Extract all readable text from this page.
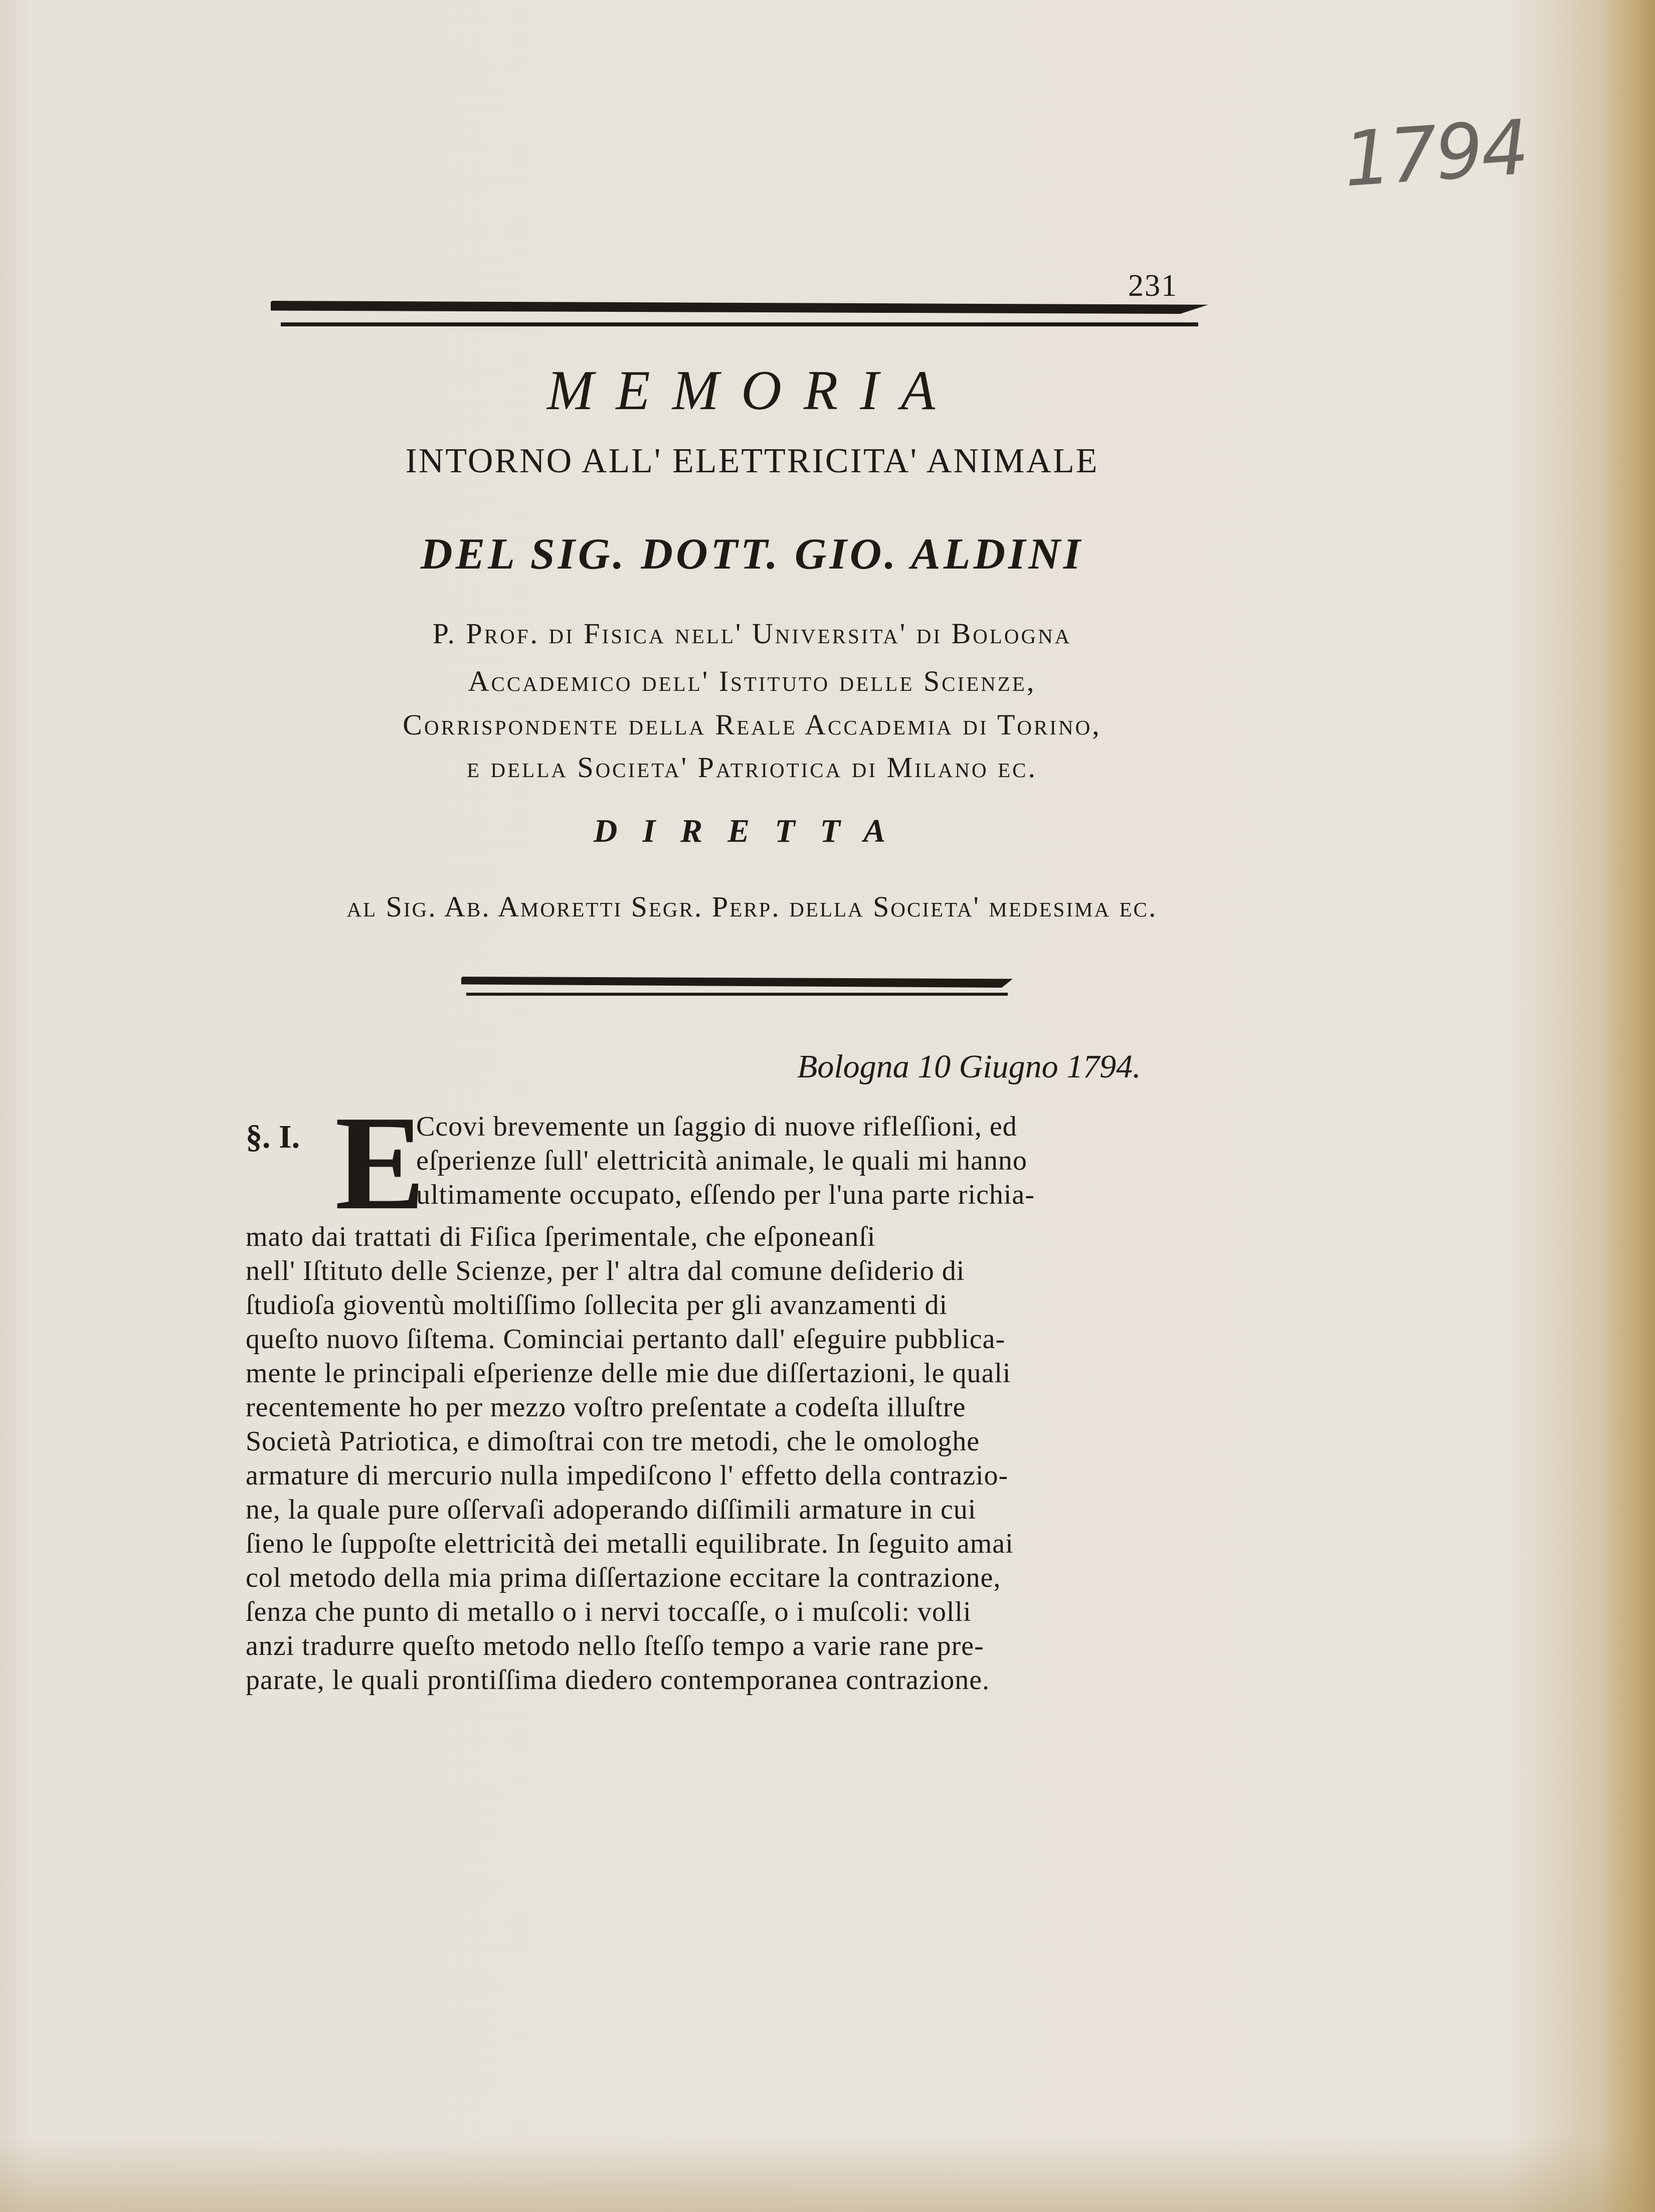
1794
231
MEMORIA
INTORNO ALL' ELETTRICITA' ANIMALE
DEL SIG. DOTT. GIO. ALDINI
P. Prof. di Fisica nell' Universita' di Bologna
Accademico dell' Istituto delle Scienze,
Corrispondente della Reale Accademia di Torino,
e della Societa' Patriotica di Milano ec.
DIRETTA
al Sig. Ab. Amoretti Segr. Perp. della Societa' medesima ec.
Bologna 10 Giugno 1794.
§. I. E
Ccovi brevemente un ſaggio di nuove rifleſſioni, ed
eſperienze ſull' elettricità animale, le quali mi hanno
ultimamente occupato, eſſendo per l'una parte richia-
mato dai trattati di Fiſica ſperimentale, che eſponeanſi
nell' Iſtituto delle Scienze, per l' altra dal comune deſiderio di
ſtudioſa gioventù moltiſſimo ſollecita per gli avanzamenti di
queſto nuovo ſiſtema. Cominciai pertanto dall' eſeguire pubblica-
mente le principali eſperienze delle mie due diſſertazioni, le quali
recentemente ho per mezzo voſtro preſentate a codeſta illuſtre
Società Patriotica, e dimoſtrai con tre metodi, che le omologhe
armature di mercurio nulla impediſcono l' effetto della contrazio-
ne, la quale pure oſſervaſi adoperando diſſimili armature in cui
ſieno le ſuppoſte elettricità dei metalli equilibrate. In ſeguito amai
col metodo della mia prima diſſertazione eccitare la contrazione,
ſenza che punto di metallo o i nervi toccaſſe, o i muſcoli: volli
anzi tradurre queſto metodo nello ſteſſo tempo a varie rane pre-
parate, le quali prontiſſima diedero contemporanea contrazione.
